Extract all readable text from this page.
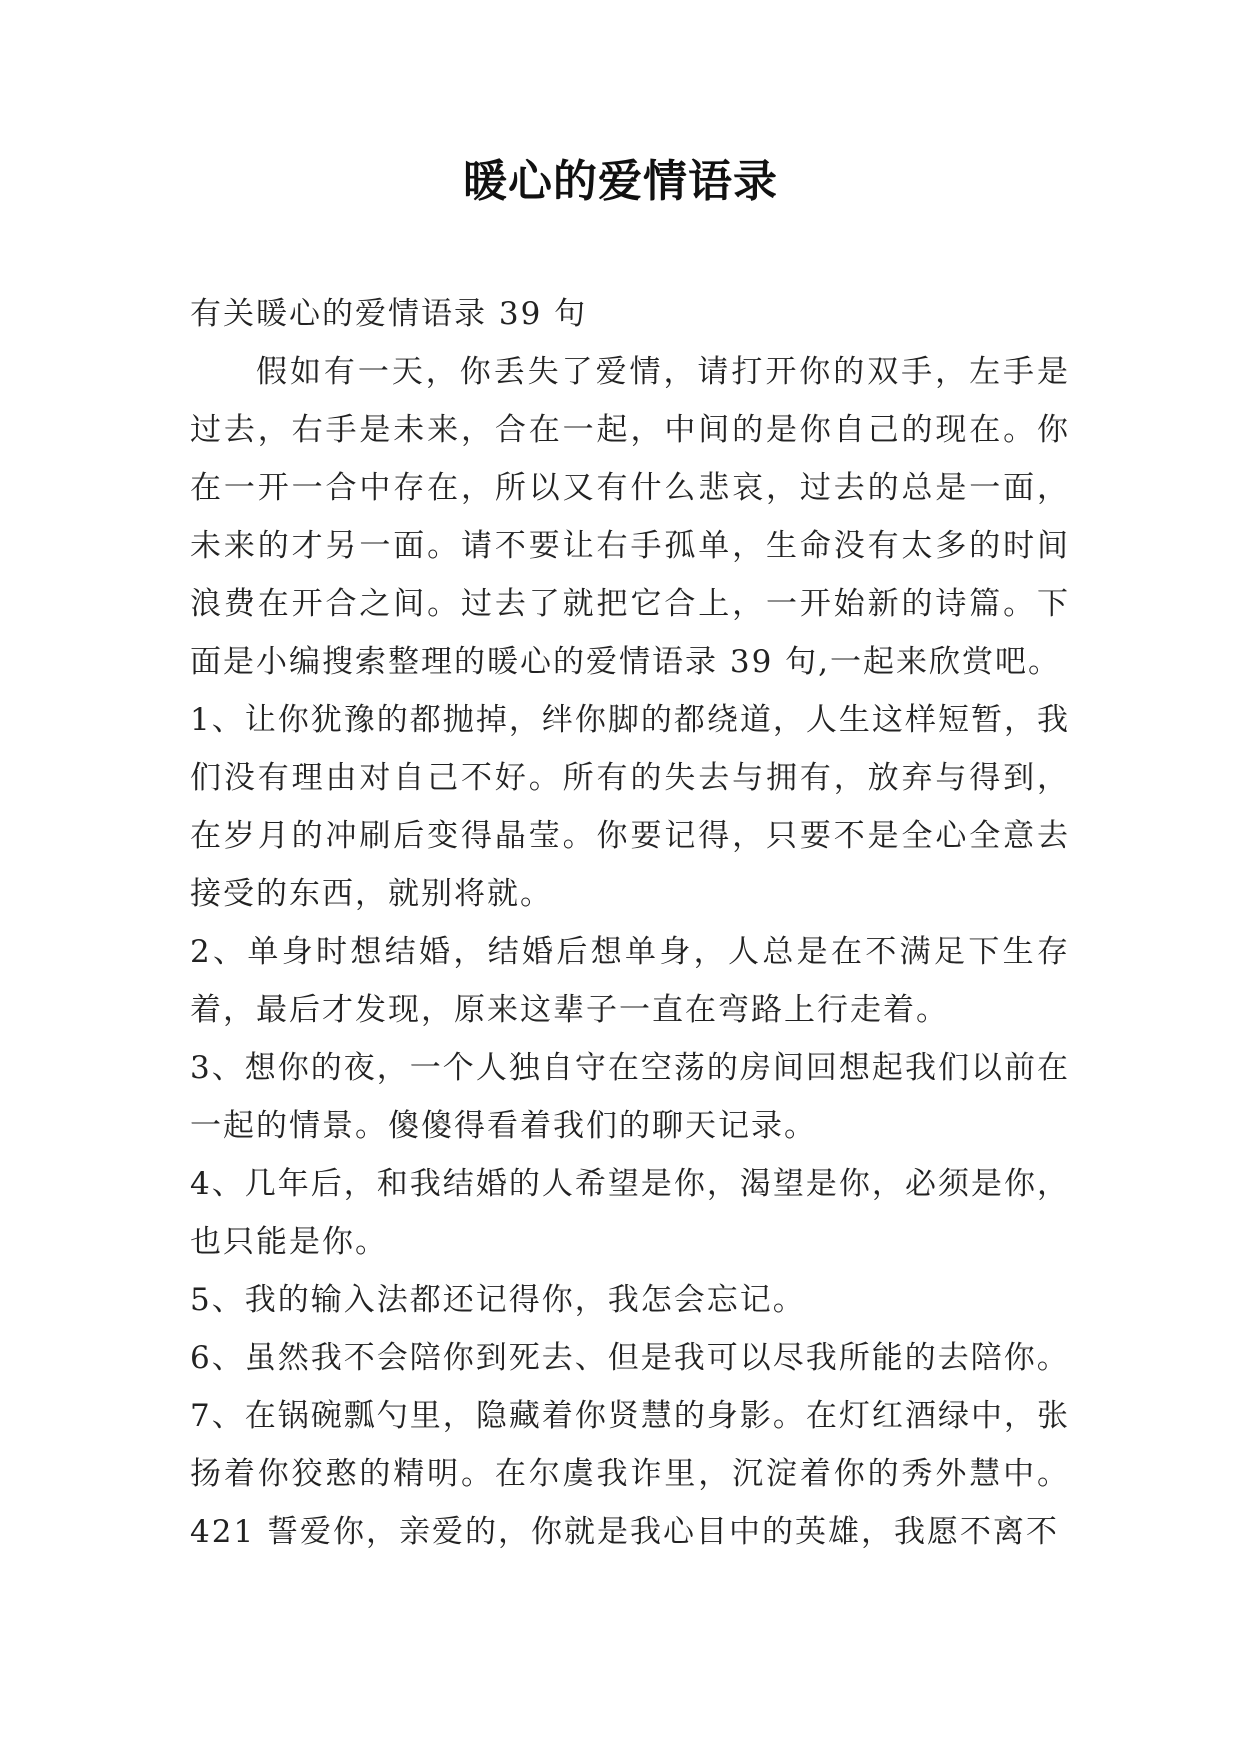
暖心的爱情语录

有关暖心的爱情语录 39 句

假如有一天，你丢失了爱情，请打开你的双手，左手是过去，右手是未来，合在一起，中间的是你自己的现在。你在一开一合中存在，所以又有什么悲哀，过去的总是一面，未来的才另一面。请不要让右手孤单，生命没有太多的时间浪费在开合之间。过去了就把它合上，一开始新的诗篇。下面是小编搜索整理的暖心的爱情语录 39 句,一起来欣赏吧。

1、让你犹豫的都抛掉，绊你脚的都绕道，人生这样短暂，我们没有理由对自己不好。所有的失去与拥有，放弃与得到，在岁月的冲刷后变得晶莹。你要记得，只要不是全心全意去接受的东西，就别将就。

2、单身时想结婚，结婚后想单身，人总是在不满足下生存着，最后才发现，原来这辈子一直在弯路上行走着。

3、想你的夜，一个人独自守在空荡的房间回想起我们以前在一起的情景。傻傻得看着我们的聊天记录。

4、几年后，和我结婚的人希望是你，渴望是你，必须是你，也只能是你。

5、我的输入法都还记得你，我怎会忘记。

6、虽然我不会陪你到死去、但是我可以尽我所能的去陪你。

7、在锅碗瓢勺里，隐藏着你贤慧的身影。在灯红酒绿中，张扬着你狡憨的精明。在尔虞我诈里，沉淀着你的秀外慧中。421 誓爱你，亲爱的，你就是我心目中的英雄，我愿不离不
